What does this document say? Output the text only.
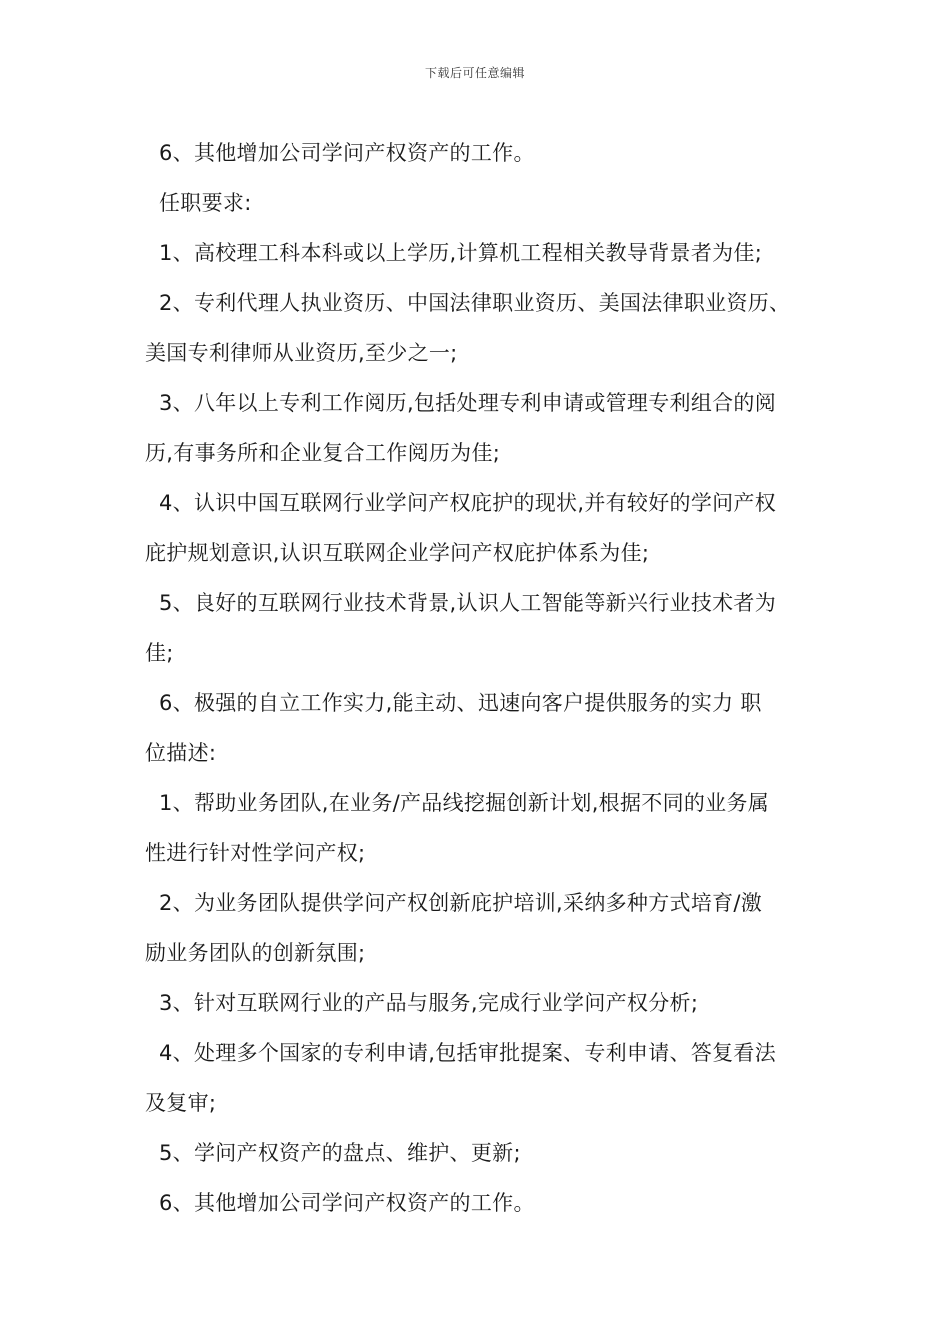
下载后可任意编辑
6、其他增加公司学问产权资产的工作。
任职要求:
1、高校理工科本科或以上学历,计算机工程相关教导背景者为佳;
2、专利代理人执业资历、中国法律职业资历、美国法律职业资历、
美国专利律师从业资历,至少之一;
3、八年以上专利工作阅历,包括处理专利申请或管理专利组合的阅
历,有事务所和企业复合工作阅历为佳;
4、认识中国互联网行业学问产权庇护的现状,并有较好的学问产权
庇护规划意识,认识互联网企业学问产权庇护体系为佳;
5、良好的互联网行业技术背景,认识人工智能等新兴行业技术者为
佳;
6、极强的自立工作实力,能主动、迅速向客户提供服务的实力 职
位描述:
1、帮助业务团队,在业务/产品线挖掘创新计划,根据不同的业务属
性进行针对性学问产权;
2、为业务团队提供学问产权创新庇护培训,采纳多种方式培育/激
励业务团队的创新氛围;
3、针对互联网行业的产品与服务,完成行业学问产权分析;
4、处理多个国家的专利申请,包括审批提案、专利申请、答复看法
及复审;
5、学问产权资产的盘点、维护、更新;
6、其他增加公司学问产权资产的工作。
